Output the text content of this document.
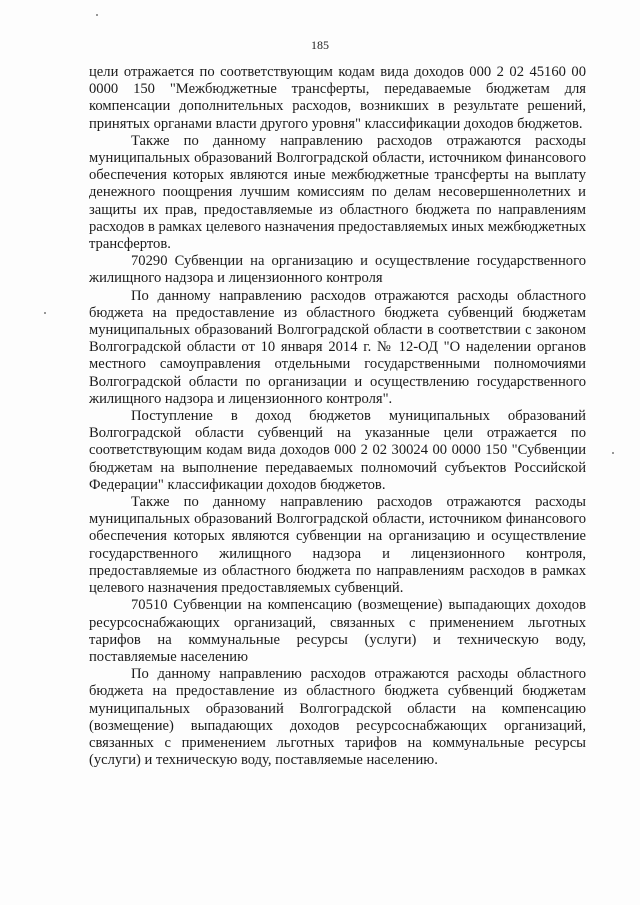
185

цели отражается по соответствующим кодам вида доходов 000 2 02 45160 00 0000 150 "Межбюджетные трансферты, передаваемые бюджетам для компенсации дополнительных расходов, возникших в результате решений, принятых органами власти другого уровня" классификации доходов бюджетов.

Также по данному направлению расходов отражаются расходы муниципальных образований Волгоградской области, источником финансового обеспечения которых являются иные межбюджетные трансферты на выплату денежного поощрения лучшим комиссиям по делам несовершеннолетних и защиты их прав, предоставляемые из областного бюджета по направлениям расходов в рамках целевого назначения предоставляемых иных межбюджетных трансфертов.

70290 Субвенции на организацию и осуществление государственного жилищного надзора и лицензионного контроля

По данному направлению расходов отражаются расходы областного бюджета на предоставление из областного бюджета субвенций бюджетам муниципальных образований Волгоградской области в соответствии с законом Волгоградской области от 10 января 2014 г. № 12-ОД "О наделении органов местного самоуправления отдельными государственными полномочиями Волгоградской области по организации и осуществлению государственного жилищного надзора и лицензионного контроля".

Поступление в доход бюджетов муниципальных образований Волгоградской области субвенций на указанные цели отражается по соответствующим кодам вида доходов 000 2 02 30024 00 0000 150 "Субвенции бюджетам на выполнение передаваемых полномочий субъектов Российской Федерации" классификации доходов бюджетов.

Также по данному направлению расходов отражаются расходы муниципальных образований Волгоградской области, источником финансового обеспечения которых являются субвенции на организацию и осуществление государственного жилищного надзора и лицензионного контроля, предоставляемые из областного бюджета по направлениям расходов в рамках целевого назначения предоставляемых субвенций.

70510 Субвенции на компенсацию (возмещение) выпадающих доходов ресурсоснабжающих организаций, связанных с применением льготных тарифов на коммунальные ресурсы (услуги) и техническую воду, поставляемые населению

По данному направлению расходов отражаются расходы областного бюджета на предоставление из областного бюджета субвенций бюджетам муниципальных образований Волгоградской области на компенсацию (возмещение) выпадающих доходов ресурсоснабжающих организаций, связанных с применением льготных тарифов на коммунальные ресурсы (услуги) и техническую воду, поставляемые населению.
